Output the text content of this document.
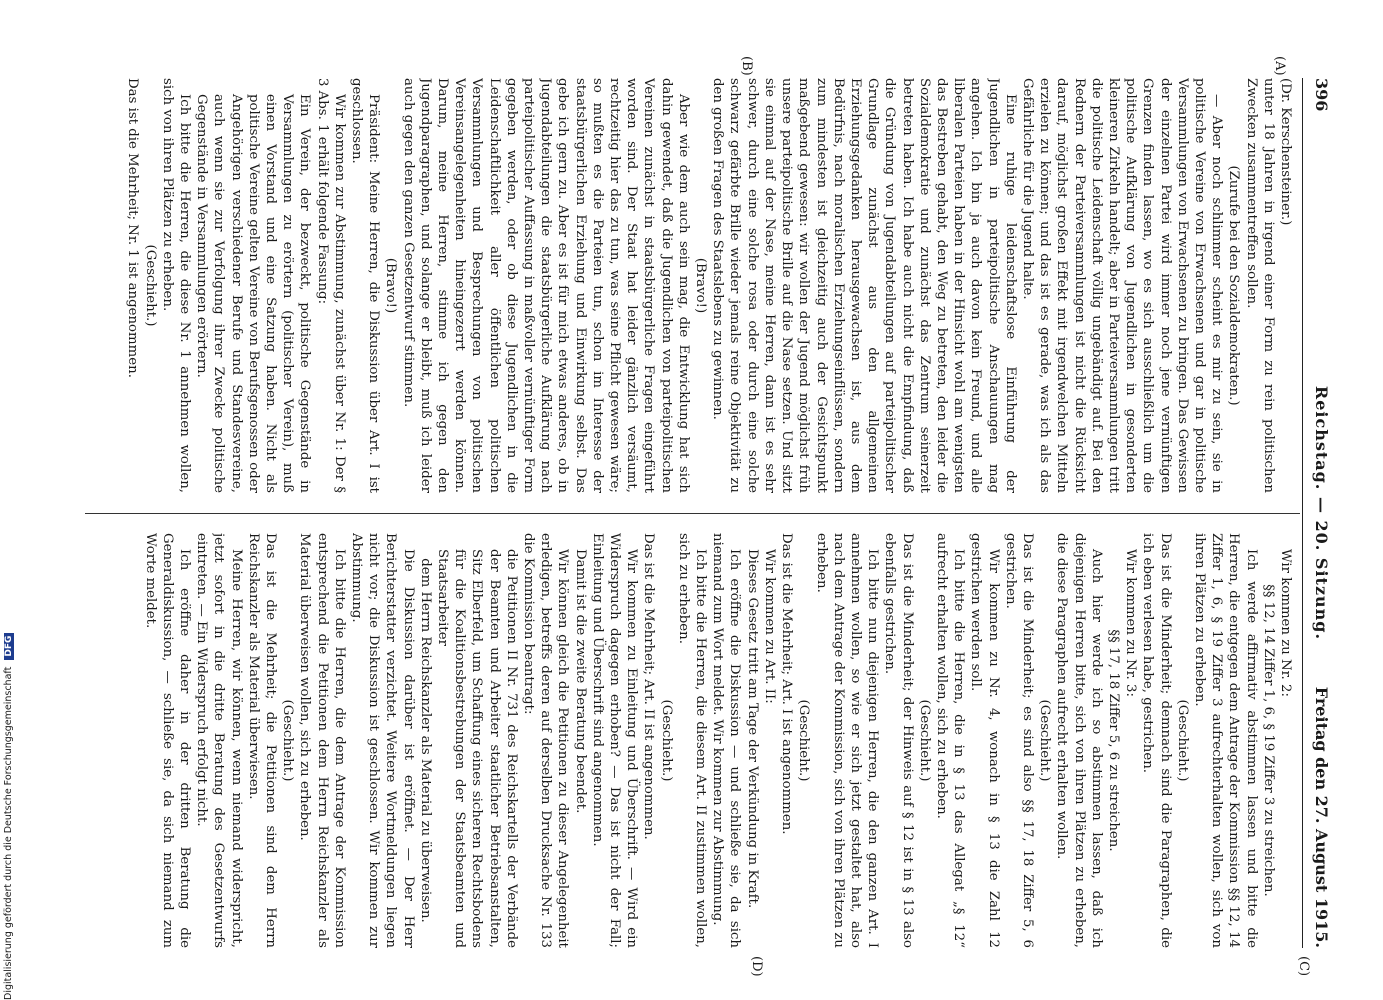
396
Reichstag. — 20. Sitzung.
Freitag den 27. August 1915.
(A)
(B)
(C)
(D)

(Dr. Kerschensteiner.)

unter 18 Jahren in irgend einer Form zu rein politischen Zwecken zusammentreffen sollen.

(Zurufe bei den Sozialdemokraten.)

— Aber noch schlimmer scheint es mir zu sein, sie in politische Vereine von Erwachsenen und gar in politische Versammlungen von Erwachsenen zu bringen. Das Gewissen der einzelnen Partei wird immer noch jene vernünftigen Grenzen finden lassen, wo es sich ausschließlich um die politische Aufklärung von Jugendlichen in gesonderten kleineren Zirkeln handelt; aber in Parteiversammlungen tritt die politische Leidenschaft völlig ungebändigt auf. Bei den Rednern der Parteiversammlungen ist nicht die Rücksicht darauf, möglichst großen Effekt mit irgendwelchen Mitteln erzielen zu können; und das ist es gerade, was ich als das Gefährliche für die Jugend halte.

Eine ruhige leidenschaftslose Einführung der Jugendlichen in parteipolitische Anschauungen mag angehen. Ich bin ja auch davon kein Freund, und alle liberalen Parteien haben in der Hinsicht wohl am wenigsten das Bestreben gehabt, den Weg zu betreten, den leider die Sozialdemokratie und zunächst das Zentrum seinerzeit betreten haben. Ich habe auch nicht die Empfindung, daß die Gründung von Jugendabteilungen auf parteipolitischer Grundlage zunächst aus den allgemeinen Erziehungsgedanken herausgewachsen ist, aus dem Bedürfnis, nach moralischen Erziehungseinflüssen, sondern zum mindesten ist gleichzeitig auch der Gesichtspunkt maßgebend gewesen: wir wollen der Jugend möglichst früh unsere parteipolitische Brille auf die Nase setzen. Und sitzt sie einmal auf der Nase, meine Herren, dann ist es sehr schwer, durch eine solche rosa oder durch eine solche schwarz gefärbte Brille wieder jemals reine Objektivität zu den großen Fragen des Staatslebens zu gewinnen.

(Bravo!)

Aber wie dem auch sein mag, die Entwicklung hat sich dahin gewendet, daß die Jugendlichen von parteipolitischen Vereinen zunächst in staatsbürgerliche Fragen eingeführt worden sind. Der Staat hat leider gänzlich versäumt, rechtzeitig hier das zu tun, was seine Pflicht gewesen wäre; so mußten es die Parteien tun, schon im Interesse der staatsbürgerlichen Erziehung und Einwirkung selbst. Das gebe ich gern zu. Aber es ist für mich etwas anderes, ob in Jugendabteilungen die staatsbürgerliche Aufklärung nach parteipolitischer Auffassung in maßvoller vernünftiger Form gegeben werden, oder ob diese Jugendlichen in die Leidenschaftlichkeit aller öffentlichen politischen Versammlungen und Besprechungen von politischen Vereinsangelegenheiten hineingezerrt werden können. Darum, meine Herren, stimme ich gegen den Jugendparagraphen, und solange er bleibt, muß ich leider auch gegen den ganzen Gesetzentwurf stimmen.

(Bravo!)

Präsident: Meine Herren, die Diskussion über Art. I ist geschlossen.

Wir kommen zur Abstimmung, zunächst über Nr. 1: Der § 3 Abs. 1 erhält folgende Fassung:

Ein Verein, der bezweckt, politische Gegenstände in Versammlungen zu erörtern (politischer Verein), muß einen Vorstand und eine Satzung haben. Nicht als politische Vereine gelten Vereine von Berufsgenossen oder Angehörigen verschiedener Berufe und Standesvereine, auch wenn sie zur Verfolgung ihrer Zwecke politische Gegenstände in Versammlungen erörtern.

Ich bitte die Herren, die diese Nr. 1 annehmen wollen, sich von ihren Plätzen zu erheben.

(Geschieht.)

Das ist die Mehrheit; Nr. 1 ist angenommen.

Wir kommen zu Nr. 2:

§§ 12, 14 Ziffer 1, 6, § 19 Ziffer 3 zu streichen.

Ich werde affirmativ abstimmen lassen und bitte die Herren, die entgegen dem Antrage der Kommission §§ 12, 14 Ziffer 1, 6, § 19 Ziffer 3 aufrechterhalten wollen, sich von ihren Plätzen zu erheben.

(Geschieht.)

Das ist die Minderheit; demnach sind die Paragraphen, die ich eben verlesen habe, gestrichen.

Wir kommen zu Nr. 3:

§§ 17, 18 Ziffer 5, 6 zu streichen.

Auch hier werde ich so abstimmen lassen, daß ich diejenigen Herren bitte, sich von ihren Plätzen zu erheben, die diese Paragraphen aufrecht erhalten wollen.

(Geschieht.)

Das ist die Minderheit; es sind also §§ 17, 18 Ziffer 5, 6 gestrichen.

Wir kommen zu Nr. 4, wonach in § 13 die Zahl 12 gestrichen werden soll.

Ich bitte die Herren, die in § 13 das Allegat „§ 12“ aufrecht erhalten wollen, sich zu erheben.

(Geschieht.)

Das ist die Minderheit; der Hinweis auf § 12 ist in § 13 also ebenfalls gestrichen.

Ich bitte nun diejenigen Herren, die den ganzen Art. I annehmen wollen, so wie er sich jetzt gestaltet hat, also nach dem Antrage der Kommission, sich von ihren Plätzen zu erheben.

(Geschieht.)

Das ist die Mehrheit; Art. I ist angenommen.

Wir kommen zu Art. II:

Dieses Gesetz tritt am Tage der Verkündung in Kraft.

Ich eröffne die Diskussion — und schließe sie, da sich niemand zum Wort meldet. Wir kommen zur Abstimmung.

Ich bitte die Herren, die diesem Art. II zustimmen wollen, sich zu erheben.

(Geschieht.)

Das ist die Mehrheit; Art. II ist angenommen.

Wir kommen zu Einleitung und Überschrift. — Wird ein Widerspruch dagegen erhoben? — Das ist nicht der Fall; Einleitung und Überschrift sind angenommen.

Damit ist die zweite Beratung beendet.

Wir können gleich die Petitionen zu dieser Angelegenheit erledigen, betreffs deren auf derselben Drucksache Nr. 133 die Kommission beantragt:

die Petitionen II Nr. 731 des Reichskartells der Verbände der Beamten und Arbeiter staatlicher Betriebsanstalten, Sitz Elberfeld, um Schaffung eines sicheren Rechtsbodens für die Koalitionsbestrebungen der Staatsbeamten und Staatsarbeiter

dem Herrn Reichskanzler als Material zu überweisen.

Die Diskussion darüber ist eröffnet. — Der Herr Berichterstatter verzichtet. Weitere Wortmeldungen liegen nicht vor; die Diskussion ist geschlossen. Wir kommen zur Abstimmung.

Ich bitte die Herren, die dem Antrage der Kommission entsprechend die Petitionen dem Herrn Reichskanzler als Material überweisen wollen, sich zu erheben.

(Geschieht.)

Das ist die Mehrheit; die Petitionen sind dem Herrn Reichskanzler als Material überwiesen.

Meine Herren, wir können, wenn niemand widerspricht, jetzt sofort in die dritte Beratung des Gesetzentwurfs eintreten. — Ein Widerspruch erfolgt nicht.

Ich eröffne daher in der dritten Beratung die Generaldiskussion, — schließe sie, da sich niemand zum Worte meldet.

Digitalisierung gefördert durch die Deutsche Forschungsgemeinschaft DFG
